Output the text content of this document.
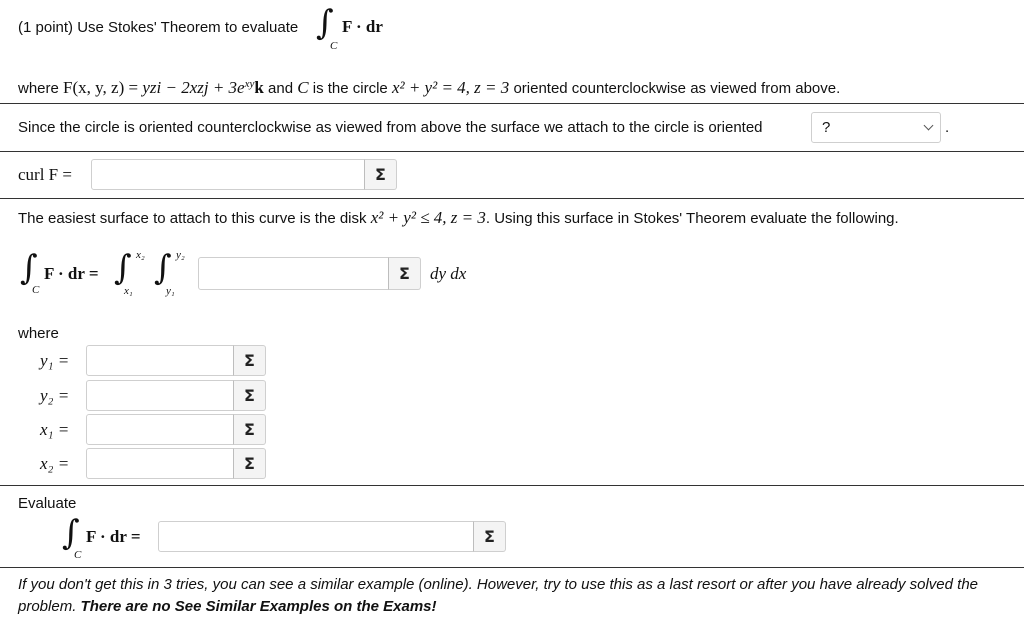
(1 point) Use Stokes' Theorem to evaluate ∫
C
F · dr
where F(x, y, z) = yzi − $2xzj + 3e^{xy}k$ and C is the circle x² + y² = 4, z = 3 oriented counterclockwise as viewed from above.
Since the circle is oriented counterclockwise as viewed from above the surface we attach to the circle is oriented	?	.
curl F =	Σ
The easiest surface to attach to this curve is the disk x² + y² ≤ 4, z = 3. Using this surface in Stokes' Theorem evaluate the following.
∫
C
F · dr = ∫ x₂
x₁
∫ y₂
y₁
Σ	dy dx
where
y₁ =	Σ
y₂ =	Σ
x₁ =	Σ
x₂ =	Σ
Evaluate
∫
C
F · dr =	Σ
If you don't get this in 3 tries, you can see a similar example (online). However, try to use this as a last resort or after you have already solved the problem. There are no See Similar Examples on the Exams!
